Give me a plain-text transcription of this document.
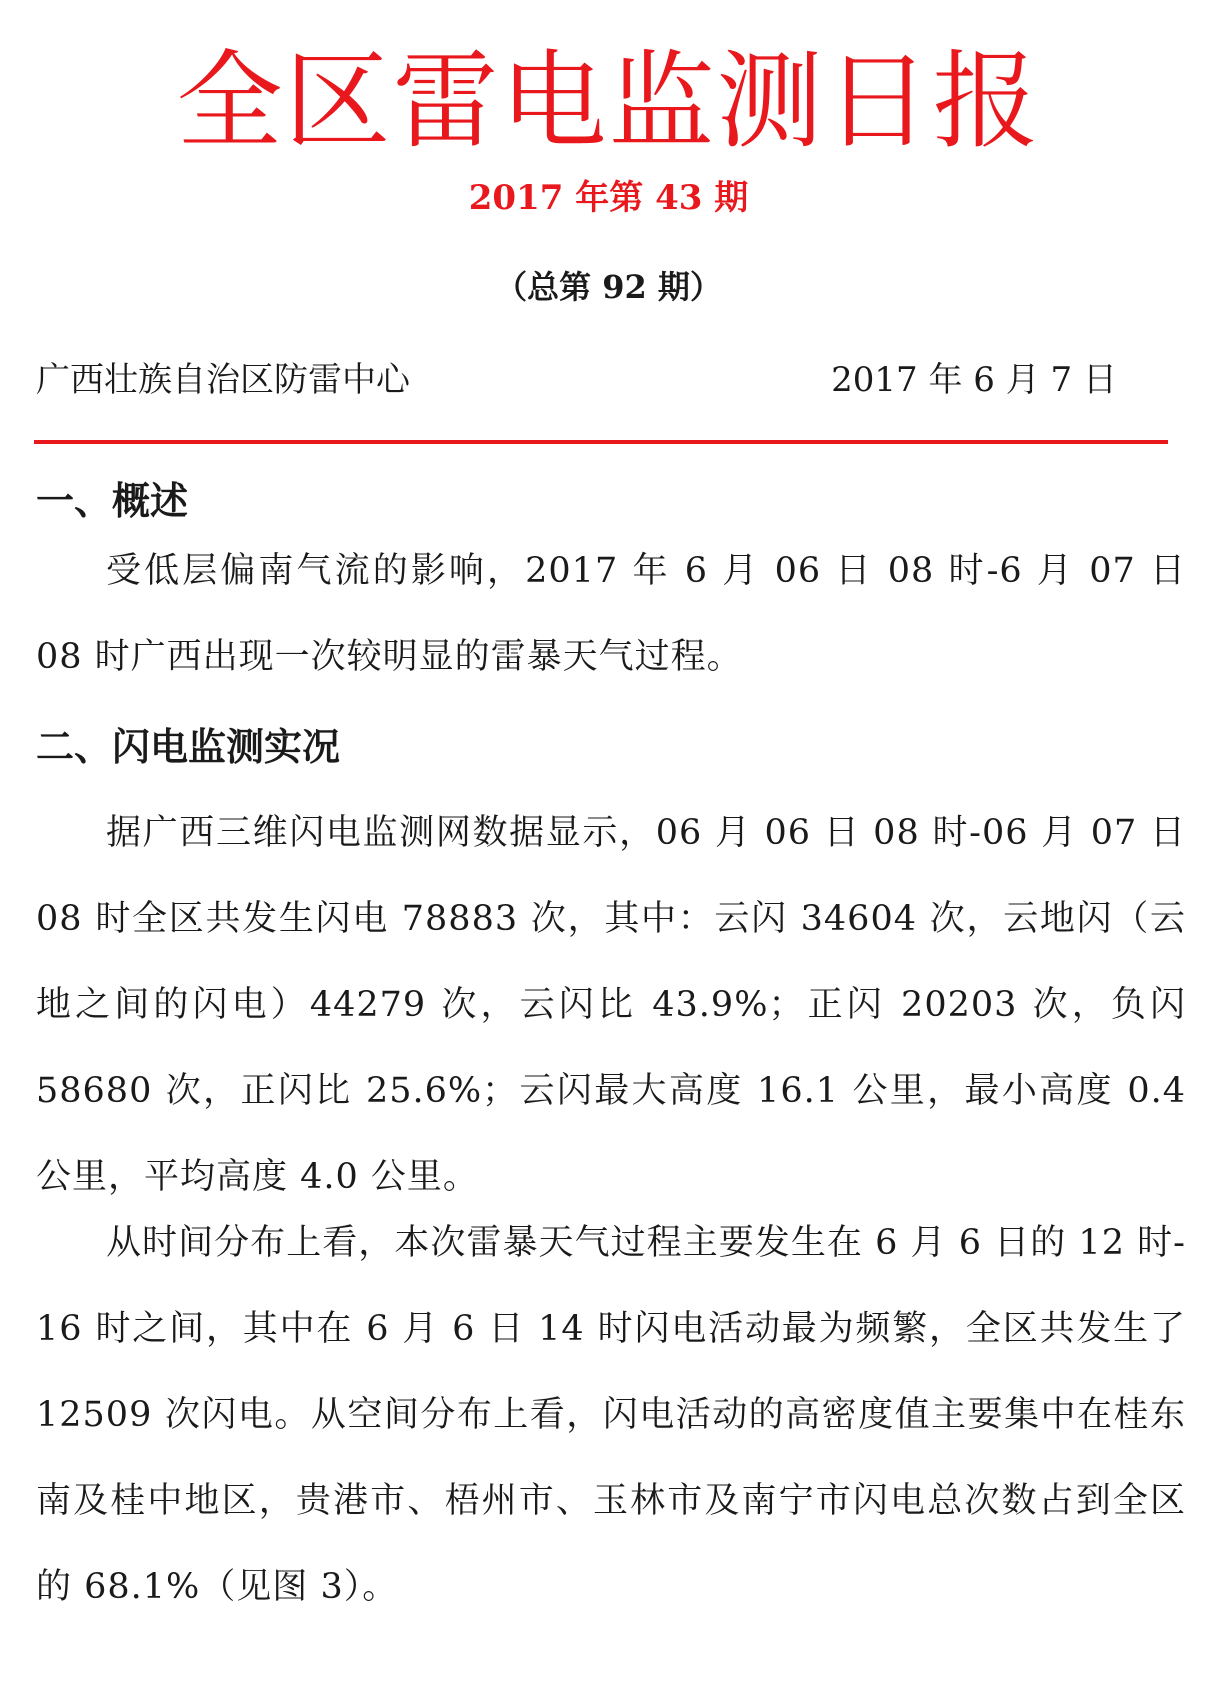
全区雷电监测日报
2017 年第 43 期
（总第 92 期）
广西壮族自治区防雷中心	2017 年 6 月 7 日
一、概述

受低层偏南气流的影响，2017 年 6 月 06 日 08 时-6 月 07 日 08 时广西出现一次较明显的雷暴天气过程。

二、闪电监测实况

据广西三维闪电监测网数据显示，06 月 06 日 08 时-06 月 07 日 08 时全区共发生闪电 78883 次，其中：云闪 34604 次，云地闪（云地之间的闪电）44279 次，云闪比 43.9%；正闪 20203 次，负闪 58680 次，正闪比 25.6%；云闪最大高度 16.1 公里，最小高度 0.4 公里，平均高度 4.0 公里。

从时间分布上看，本次雷暴天气过程主要发生在 6 月 6 日的 12 时- 16 时之间，其中在 6 月 6 日 14 时闪电活动最为频繁，全区共发生了 12509 次闪电。从空间分布上看，闪电活动的高密度值主要集中在桂东南及桂中地区，贵港市、梧州市、玉林市及南宁市闪电总次数占到全区的 68.1%（见图 3）。
